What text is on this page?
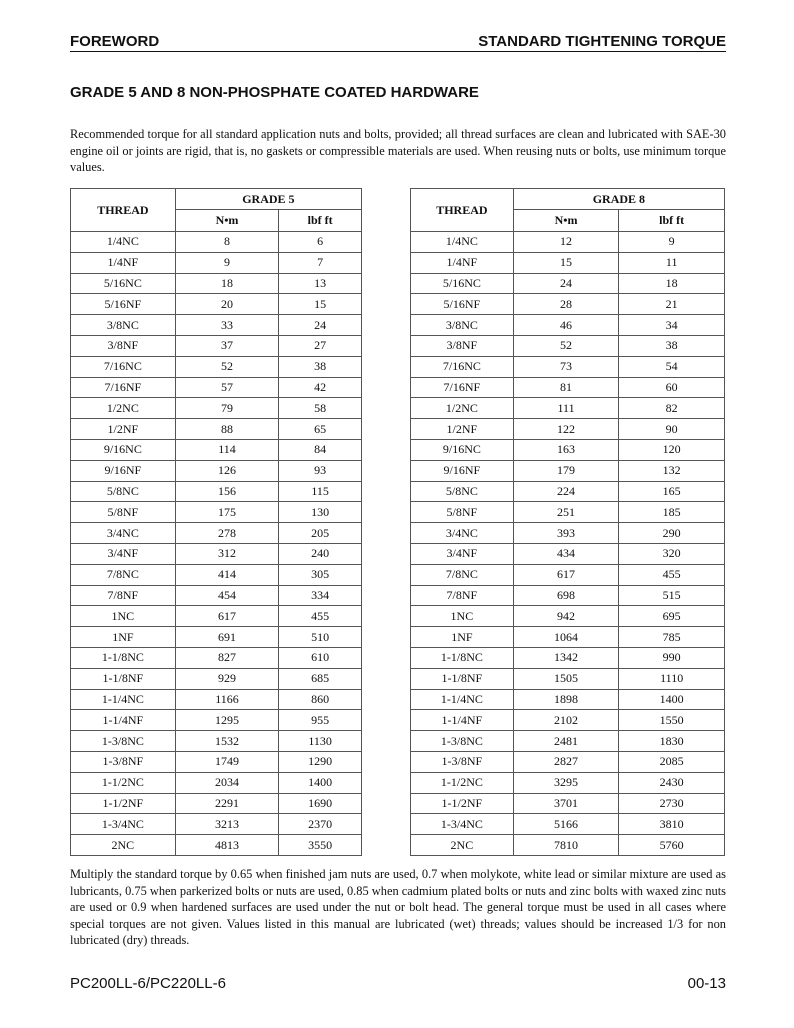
FOREWORD	STANDARD TIGHTENING TORQUE
GRADE 5 AND 8 NON-PHOSPHATE COATED HARDWARE
Recommended torque for all standard application nuts and bolts, provided; all thread surfaces are clean and lubricated with SAE-30 engine oil or joints are rigid, that is, no gaskets or compressible materials are used. When reusing nuts or bolts, use minimum torque values.
THREAD	GRADE 5	
	N•m	lbf ft
1/4NC	8	6
1/4NF	9	7
5/16NC	18	13
5/16NF	20	15
3/8NC	33	24
3/8NF	37	27
7/16NC	52	38
7/16NF	57	42
1/2NC	79	58
1/2NF	88	65
9/16NC	114	84
9/16NF	126	93
5/8NC	156	115
5/8NF	175	130
3/4NC	278	205
3/4NF	312	240
7/8NC	414	305
7/8NF	454	334
1NC	617	455
1NF	691	510
1-1/8NC	827	610
1-1/8NF	929	685
1-1/4NC	1166	860
1-1/4NF	1295	955
1-3/8NC	1532	1130
1-3/8NF	1749	1290
1-1/2NC	2034	1400
1-1/2NF	2291	1690
1-3/4NC	3213	2370
2NC	4813	3550
THREAD	GRADE 8	
	N•m	lbf ft
1/4NC	12	9
1/4NF	15	11
5/16NC	24	18
5/16NF	28	21
3/8NC	46	34
3/8NF	52	38
7/16NC	73	54
7/16NF	81	60
1/2NC	111	82
1/2NF	122	90
9/16NC	163	120
9/16NF	179	132
5/8NC	224	165
5/8NF	251	185
3/4NC	393	290
3/4NF	434	320
7/8NC	617	455
7/8NF	698	515
1NC	942	695
1NF	1064	785
1-1/8NC	1342	990
1-1/8NF	1505	1110
1-1/4NC	1898	1400
1-1/4NF	2102	1550
1-3/8NC	2481	1830
1-3/8NF	2827	2085
1-1/2NC	3295	2430
1-1/2NF	3701	2730
1-3/4NC	5166	3810
2NC	7810	5760
Multiply the standard torque by 0.65 when finished jam nuts are used, 0.7 when molykote, white lead or similar mixture are used as lubricants, 0.75 when parkerized bolts or nuts are used, 0.85 when cadmium plated bolts or nuts and zinc bolts with waxed zinc nuts are used or 0.9 when hardened surfaces are used under the nut or bolt head. The general torque must be used in all cases where special torques are not given. Values listed in this manual are lubricated (wet) threads; values should be increased 1/3 for non lubricated (dry) threads.
PC200LL-6/PC220LL-6	00-13
